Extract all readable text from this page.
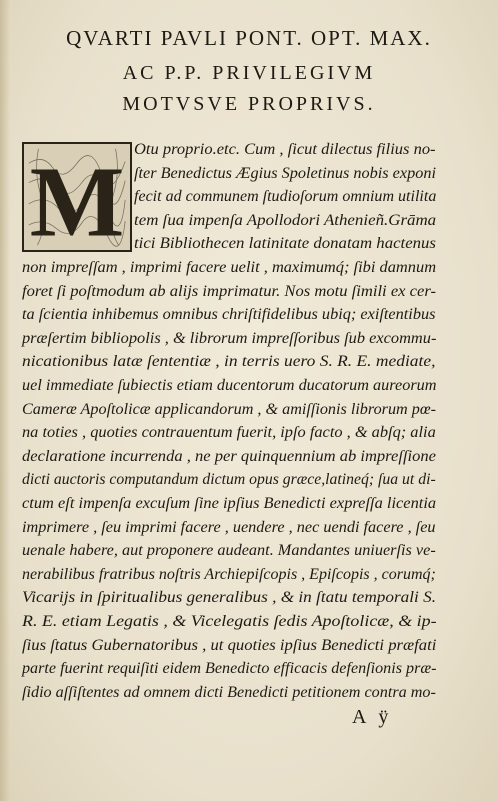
QVARTI PAVLI PONT. OPT. MAX.
AC P.P. PRIVILEGIVM
MOTVSVE PROPRIVS.
M Otu proprio.etc. Cum , ſicut dilectus filius no-
ſter Benedictus Ægius Spoletinus nobis exponi
fecit ad communem ſtudioſorum omnium utilita
tem ſua impenſa Apollodori Athenieñ.Grāma
tici Bibliothecen latinitate donatam hactenus
non impreſſam , imprimi facere uelit , maximumq́; ſibi damnum
foret ſi poſtmodum ab alijs imprimatur. Nos motu ſimili ex cer-
ta ſcientia inhibemus omnibus chriſtifidelibus ubiq; exiſtentibus
præſertim bibliopolis , & librorum impreſſoribus ſub excommu-
nicationibus latæ ſententiæ , in terris uero S. R. E. mediate,
uel immediate ſubiectis etiam ducentorum ducatorum aureorum
Cameræ Apoſtolicæ applicandorum , & amiſſionis librorum pœ-
na toties , quoties contrauentum fuerit, ipſo facto , & abſq; alia
declaratione incurrenda , ne per quinquennium ab impreſſione
dicti auctoris computandum dictum opus græce,latineq́; ſua ut di-
ctum eſt impenſa excuſum ſine ipſius Benedicti expreſſa licentia
imprimere , ſeu imprimi facere , uendere , nec uendi facere , ſeu
uenale habere, aut proponere audeant. Mandantes uniuerſis ve-
nerabilibus fratribus noſtris Archiepiſcopis , Epiſcopis , corumq́;
Vicarijs in ſpiritualibus generalibus , & in ſtatu temporali S.
R. E. etiam Legatis , & Vicelegatis ſedis Apoſtolicæ, & ip-
ſius ſtatus Gubernatoribus , ut quoties ipſius Benedicti præfati
parte fuerint requiſiti eidem Benedicto efficacis defenſionis præ-
ſidio aſſiſtentes ad omnem dicti Benedicti petitionem contra mo-
A ÿ
